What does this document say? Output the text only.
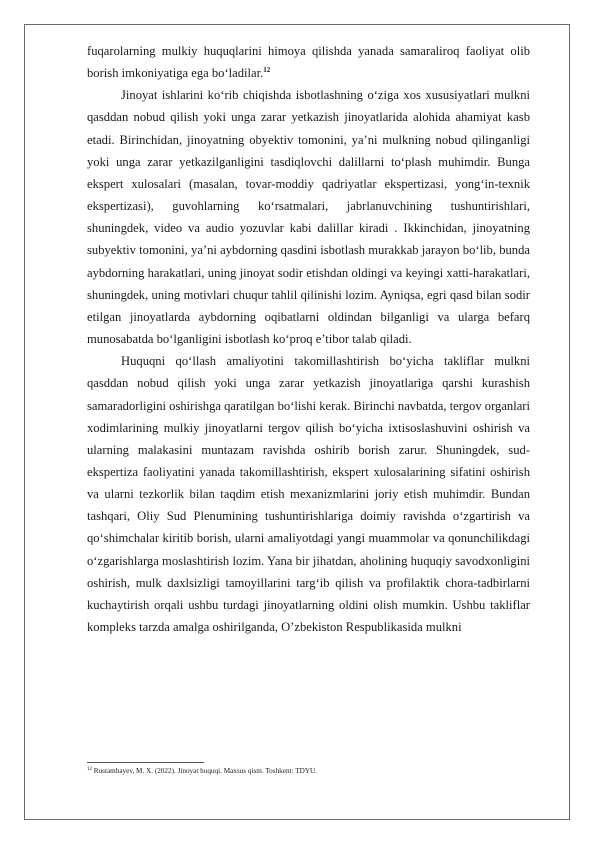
fuqarolarning mulkiy huquqlarini himoya qilishda yanada samaraliroq faoliyat olib borish imkoniyatiga ega bo‘ladilar.$^{12}$

Jinoyat ishlarini ko‘rib chiqishda isbotlashning o‘ziga xos xususiyatlari mulkni qasddan nobud qilish yoki unga zarar yetkazish jinoyatlarida alohida ahamiyat kasb etadi. Birinchidan, jinoyatning obyektiv tomonini, ya’ni mulkning nobud qilinganligi yoki unga zarar yetkazilganligini tasdiqlovchi dalillarni to‘plash muhimdir. Bunga ekspert xulosalari (masalan, tovar-moddiy qadriyatlar ekspertizasi, yong‘in-texnik ekspertizasi), guvohlarning ko‘rsatmalari, jabrlanuvchining tushuntirishlari, shuningdek, video va audio yozuvlar kabi dalillar kiradi . Ikkinchidan, jinoyatning subyektiv tomonini, ya’ni aybdorning qasdini isbotlash murakkab jarayon bo‘lib, bunda aybdorning harakatlari, uning jinoyat sodir etishdan oldingi va keyingi xatti-harakatlari, shuningdek, uning motivlari chuqur tahlil qilinishi lozim. Ayniqsa, egri qasd bilan sodir etilgan jinoyatlarda aybdorning oqibatlarni oldindan bilganligi va ularga befarq munosabatda bo‘lganligini isbotlash ko‘proq e’tibor talab qiladi.

Huquqni qo‘llash amaliyotini takomillashtirish bo‘yicha takliflar mulkni qasddan nobud qilish yoki unga zarar yetkazish jinoyatlariga qarshi kurashish samaradorligini oshirishga qaratilgan bo‘lishi kerak. Birinchi navbatda, tergov organlari xodimlarining mulkiy jinoyatlarni tergov qilish bo‘yicha ixtisoslashuvini oshirish va ularning malakasini muntazam ravishda oshirib borish zarur. Shuningdek, sud-ekspertiza faoliyatini yanada takomillashtirish, ekspert xulosalarining sifatini oshirish va ularni tezkorlik bilan taqdim etish mexanizmlarini joriy etish muhimdir. Bundan tashqari, Oliy Sud Plenumining tushuntirishlariga doimiy ravishda o‘zgartirish va qo‘shimchalar kiritib borish, ularni amaliyotdagi yangi muammolar va qonunchilikdagi o‘zgarishlarga moslashtirish lozim. Yana bir jihatdan, aholining huquqiy savodxonligini oshirish, mulk daxlsizligi tamoyillarini targ‘ib qilish va profilaktik chora-tadbirlarni kuchaytirish orqali ushbu turdagi jinoyatlarning oldini olish mumkin. Ushbu takliflar kompleks tarzda amalga oshirilganda, O’zbekiston Respublikasida mulkni

$^{12}$ Rustambayev, M. X. (2022). Jinoyat huquqi. Maxsus qism. Toshkent: TDYU.
